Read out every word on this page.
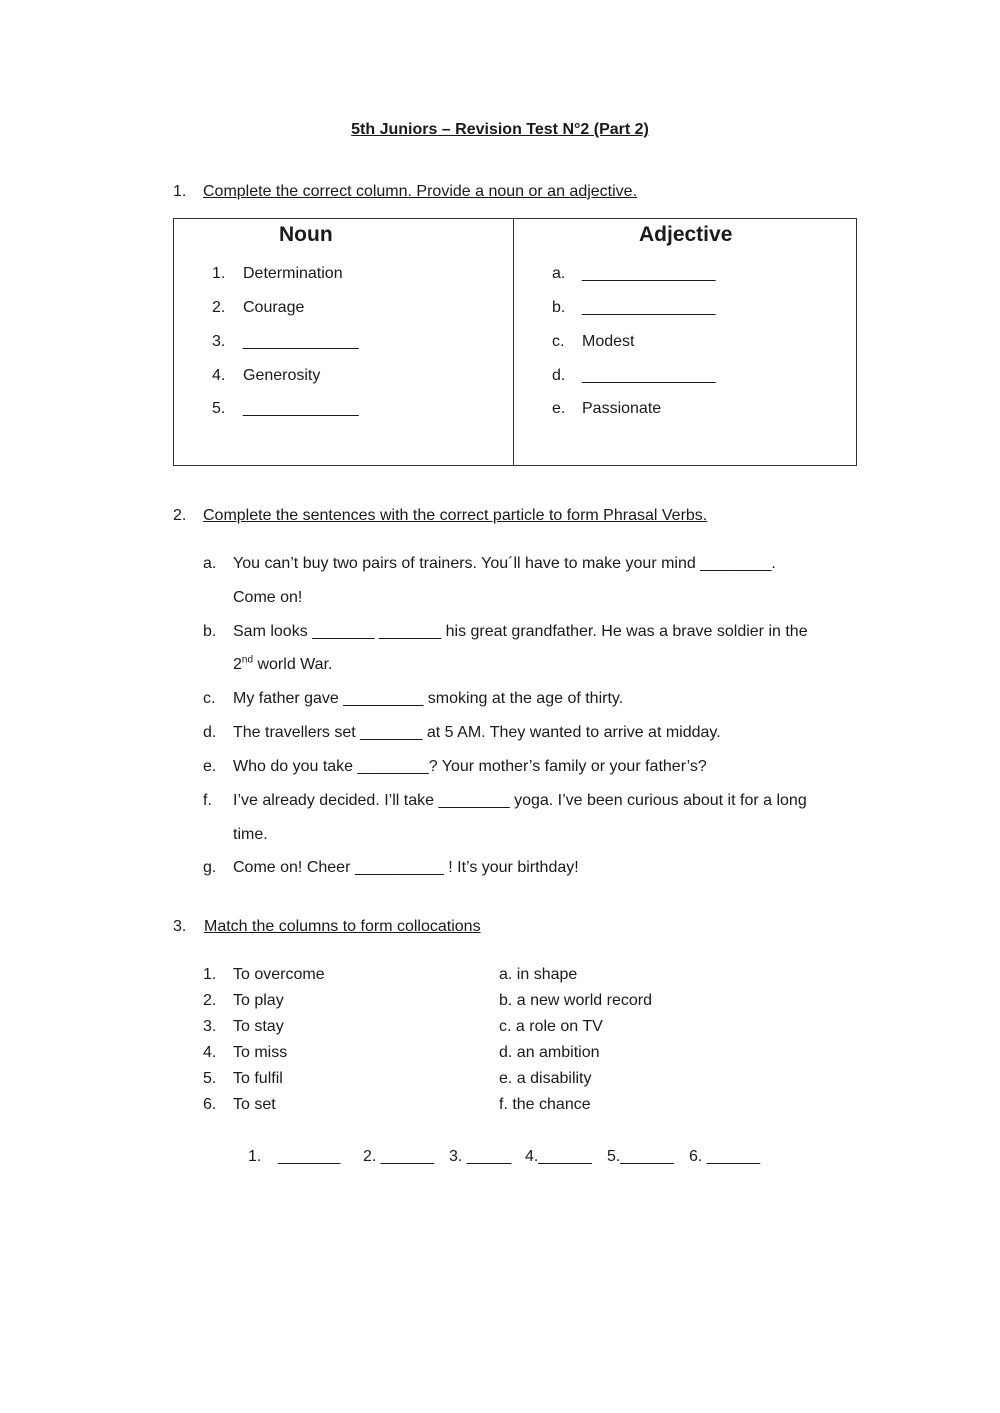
5th Juniors – Revision Test N°2 (Part 2)
1. Complete the correct column. Provide a noun or an adjective.
Noun	Adjective
1. Determination
2. Courage
3. _____________
4. Generosity
5. _____________
a. _______________
b. _______________
c. Modest
d. _______________
e. Passionate
2. Complete the sentences with the correct particle to form Phrasal Verbs.
a. You can’t buy two pairs of trainers. You´ll have to make your mind ________.
Come on!
b. Sam looks _______ _______ his great grandfather. He was a brave soldier in the
2nd world War.
c. My father gave _________ smoking at the age of thirty.
d. The travellers set _______ at 5 AM. They wanted to arrive at midday.
e. Who do you take ________? Your mother’s family or your father’s?
f. I’ve already decided. I’ll take ________ yoga. I’ve been curious about it for a long
time.
g. Come on! Cheer __________ ! It’s your birthday!
3. Match the columns to form collocations
1. To overcome
2. To play
3. To stay
4. To miss
5. To fulfil
6. To set
a. in shape
b. a new world record
c. a role on TV
d. an ambition
e. a disability
f. the chance
1. _______ 2. ______ 3. _____ 4.______ 5.______ 6. ______
